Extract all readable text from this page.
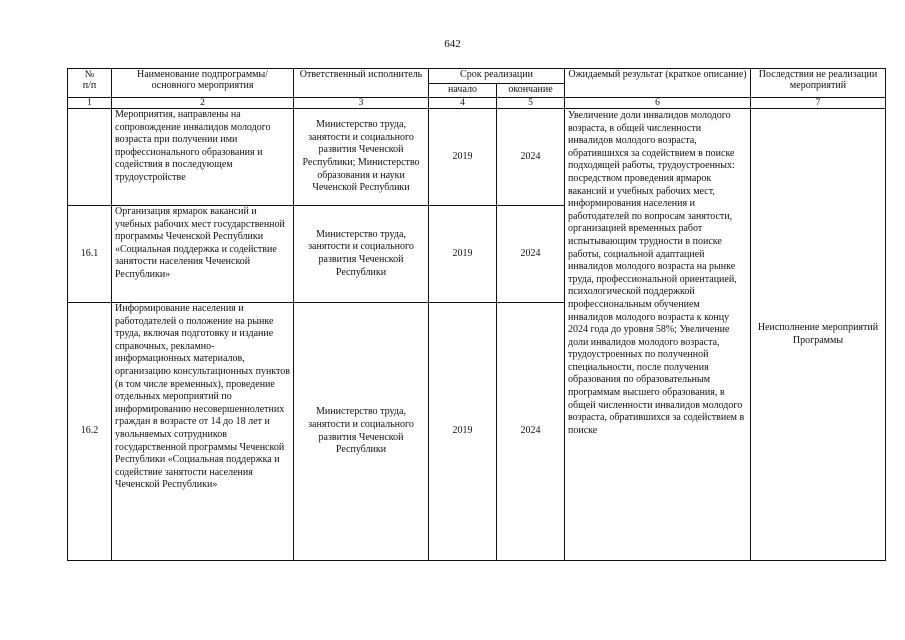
642
№
п/п	Наименование подпрограммы/ основного мероприятия	Ответственный исполнитель	Срок реализации		Ожидаемый результат (краткое описание)	Последствия не реализации мероприятий
			начало	окончание		
1	2	3	4	5	6	7
	Мероприятия, направлены на сопровождение инвалидов молодого возраста при получении ими профессионального образования и содействия в последующем трудоустройстве	Министерство труда, занятости и социального развития Чеченской Республики; Министерство образования и науки Чеченской Республики	2019	2024	Увеличение доли инвалидов молодого возраста, в общей численности инвалидов молодого возраста, обратившихся за содействием в поиске подходящей работы, трудоустроенных: посредством проведения ярмарок вакансий и учебных рабочих мест, информирования населения и работодателей по вопросам занятости, организацией временных работ испытывающим трудности в поиске работы, социальной адаптацией инвалидов молодого возраста на рынке труда, профессиональной ориентацией, психологической поддержкой профессиональным обучением инвалидов молодого возраста к концу 2024 года до уровня 58%; Увеличение доли инвалидов молодого возраста, трудоустроенных по полученной специальности, после получения образования по образовательным программам высшего образования, в общей численности инвалидов молодого возраста, обратившихся за содействием в поиске	Неисполнение мероприятий Программы
16.1	Организация ярмарок вакансий и учебных рабочих мест государственной программы Чеченской Республики «Социальная поддержка и содействие занятости населения Чеченской Республики»	Министерство труда, занятости и социального развития Чеченской Республики	2019	2024		
16.2	Информирование населения и работодателей о положение на рынке труда, включая подготовку и издание справочных, рекламно-информационных материалов, организацию консультационных пунктов (в том числе временных), проведение отдельных мероприятий по информированию несовершеннолетних граждан в возрасте от 14 до 18 лет и увольняемых сотрудников государственной программы Чеченской Республики «Социальная поддержка и содействие занятости населения Чеченской Республики»	Министерство труда, занятости и социального развития Чеченской Республики	2019	2024		
